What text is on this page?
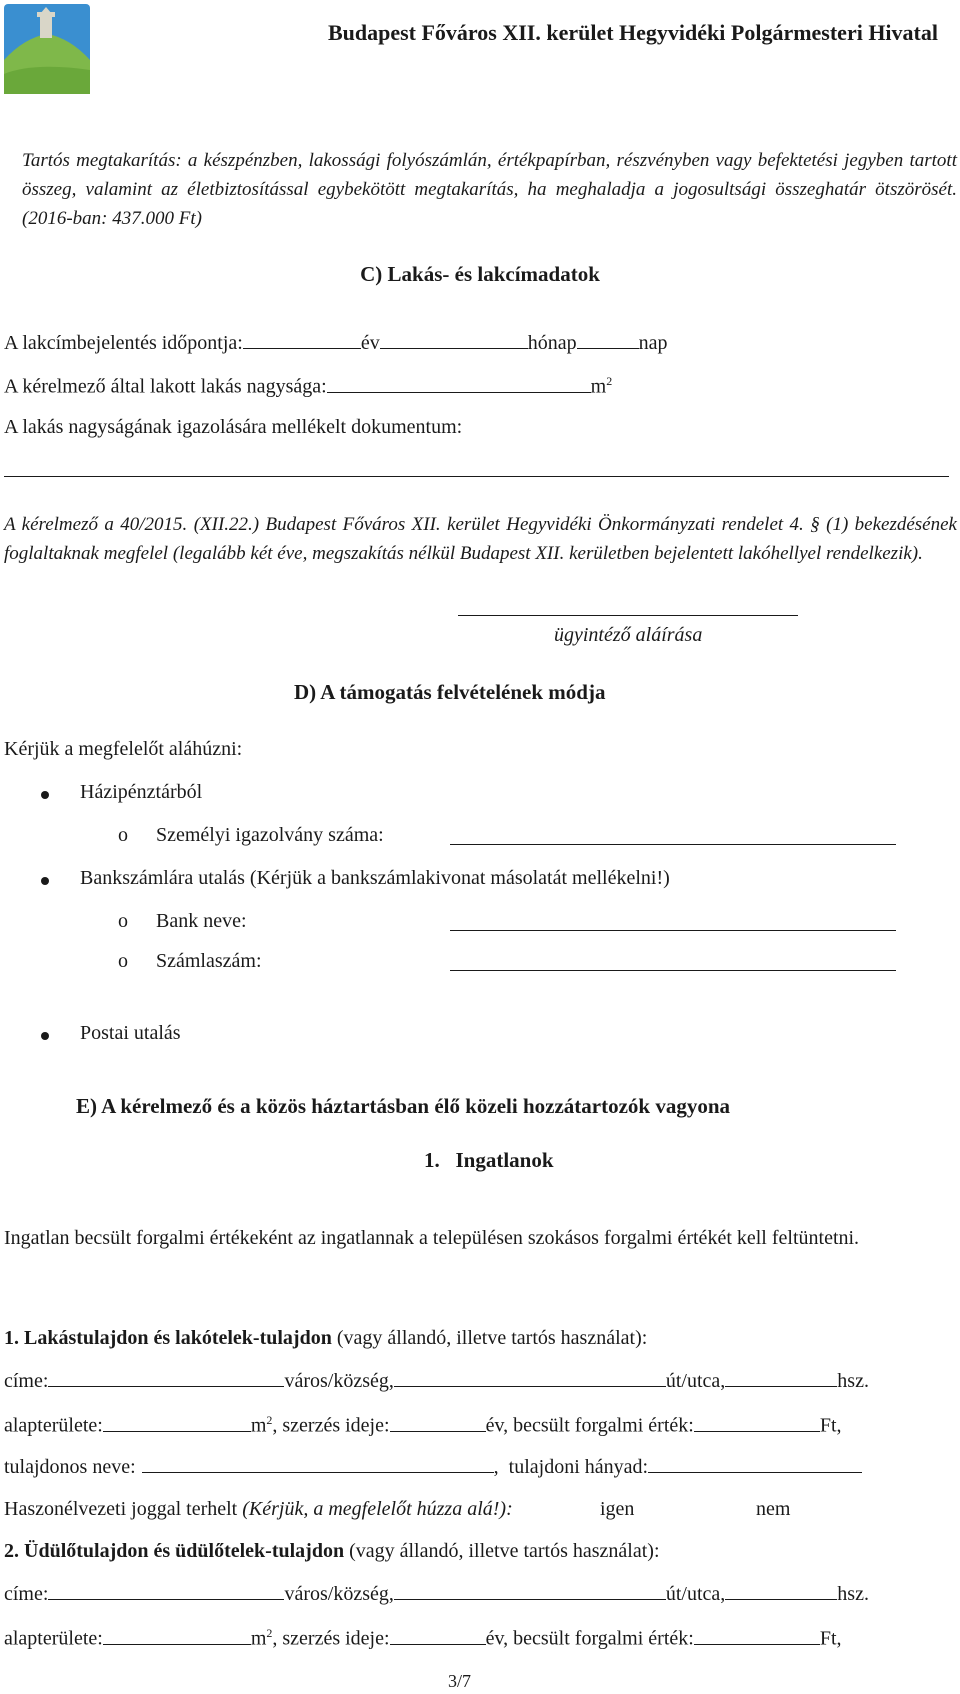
Budapest Főváros XII. kerület Hegyvidéki Polgármesteri Hivatal
Tartós megtakarítás: a készpénzben, lakossági folyószámlán, értékpapírban, részvényben vagy befektetési jegyben tartott összeg, valamint az életbiztosítással egybekötött megtakarítás, ha meghaladja a jogosultsági összeghatár ötszörösét.(2016-ban: 437.000 Ft)
C) Lakás- és lakcímadatok
A lakcímbejelentés időpontja:	év	hónap	nap
A kérelmező által lakott lakás nagysága:	$m^2$
A lakás nagyságának igazolására mellékelt dokumentum:
A kérelmező a 40/2015. (XII.22.) Budapest Főváros XII. kerület Hegyvidéki Önkormányzati rendelet 4. § (1) bekezdésének foglaltaknak megfelel (legalább két éve, megszakítás nélkül Budapest XII. kerületben bejelentett lakóhellyel rendelkezik).
ügyintéző aláírása
D) A támogatás felvételének módja
Kérjük a megfelelőt aláhúzni:
Házipénztárból
o Személyi igazolvány száma:
Bankszámlára utalás (Kérjük a bankszámlakivonat másolatát mellékelni!)
o Bank neve:
o Számlaszám:
Postai utalás
E) A kérelmező és a közös háztartásban élő közeli hozzátartozók vagyona
1.   Ingatlanok
Ingatlan becsült forgalmi értékeként az ingatlannak a településen szokásos forgalmi értékét kell feltüntetni.
1. Lakástulajdon és lakótelek-tulajdon (vagy állandó, illetve tartós használat):
címe:	város/község,	út/utca,	hsz.
alapterülete:	$m^2$, szerzés ideje:	év, becsült forgalmi érték:	Ft,
tulajdonos neve:	,  tulajdoni hányad:
Haszonélvezeti joggal terhelt (Kérjük, a megfelelőt húzza alá!):	igen	nem
2. Üdülőtulajdon és üdülőtelek-tulajdon (vagy állandó, illetve tartós használat):
címe:	város/község,	út/utca,	hsz.
alapterülete:	$m^2$, szerzés ideje:	év, becsült forgalmi érték:	Ft,
3/7
